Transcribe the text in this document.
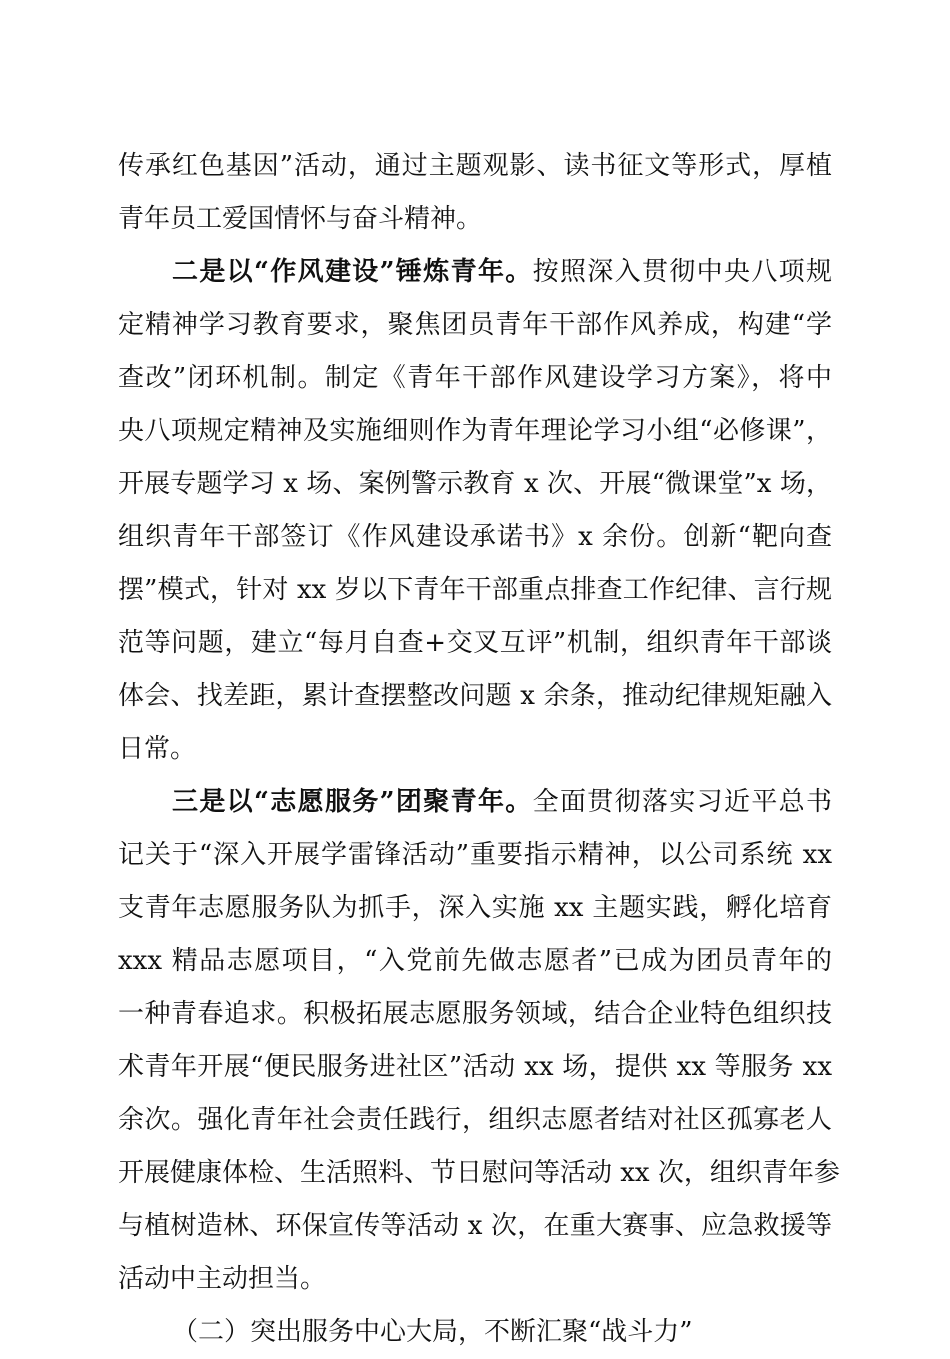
传承红色基因”活动，通过主题观影、读书征文等形式，厚植
青年员工爱国情怀与奋斗精神。
二是以“作风建设”锤炼青年。按照深入贯彻中央八项规
定精神学习教育要求，聚焦团员青年干部作风养成，构建“学
查改”闭环机制。制定《青年干部作风建设学习方案》，将中
央八项规定精神及实施细则作为青年理论学习小组“必修课”，
开展专题学习 x 场、案例警示教育 x 次、开展“微课堂”x 场，
组织青年干部签订《作风建设承诺书》x 余份。创新“靶向查
摆”模式，针对 xx 岁以下青年干部重点排查工作纪律、言行规
范等问题，建立“每月自查+交叉互评”机制，组织青年干部谈
体会、找差距，累计查摆整改问题 x 余条，推动纪律规矩融入
日常。
三是以“志愿服务”团聚青年。全面贯彻落实习近平总书
记关于“深入开展学雷锋活动”重要指示精神，以公司系统 xx
支青年志愿服务队为抓手，深入实施 xx 主题实践，孵化培育
xxx 精品志愿项目，“入党前先做志愿者”已成为团员青年的
一种青春追求。积极拓展志愿服务领域，结合企业特色组织技
术青年开展“便民服务进社区”活动 xx 场，提供 xx 等服务 xx
余次。强化青年社会责任践行，组织志愿者结对社区孤寡老人
开展健康体检、生活照料、节日慰问等活动 xx 次，组织青年参
与植树造林、环保宣传等活动 x 次，在重大赛事、应急救援等
活动中主动担当。
（二）突出服务中心大局，不断汇聚“战斗力”
